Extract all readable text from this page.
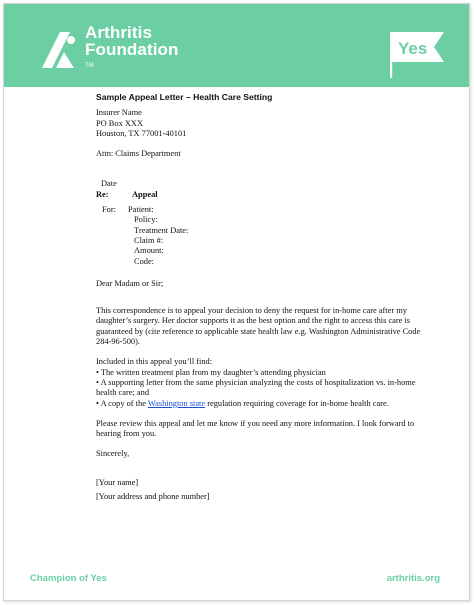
Arthritis
Foundation
TM
Yes
Sample Appeal Letter – Health Care Setting
Insurer Name
PO Box XXX
Houston, TX 77001-40101
Attn: Claims Department
Date
Re:	Appeal
For:	Patient:
Policy:
Treatment Date:
Claim #:
Amount:
Code:
Dear Madam or Sir;
This correspondence is to appeal your decision to deny the request for in-home care after my daughter’s surgery. Her doctor supports it as the best option and the right to access this care is guaranteed by (cite reference to applicable state health law e.g. Washington Administrative Code 284-96-500).
Included in this appeal you’ll find:
• The written treatment plan from my daughter’s attending physician
• A supporting letter from the same physician analyzing the costs of hospitalization vs. in-home health care; and
• A copy of the Washington state regulation requiring coverage for in-home health care.
Please review this appeal and let me know if you need any more information. I look forward to hearing from you.
Sincerely,
[Your name]
[Your address and phone number]
Champion of Yes	arthritis.org
